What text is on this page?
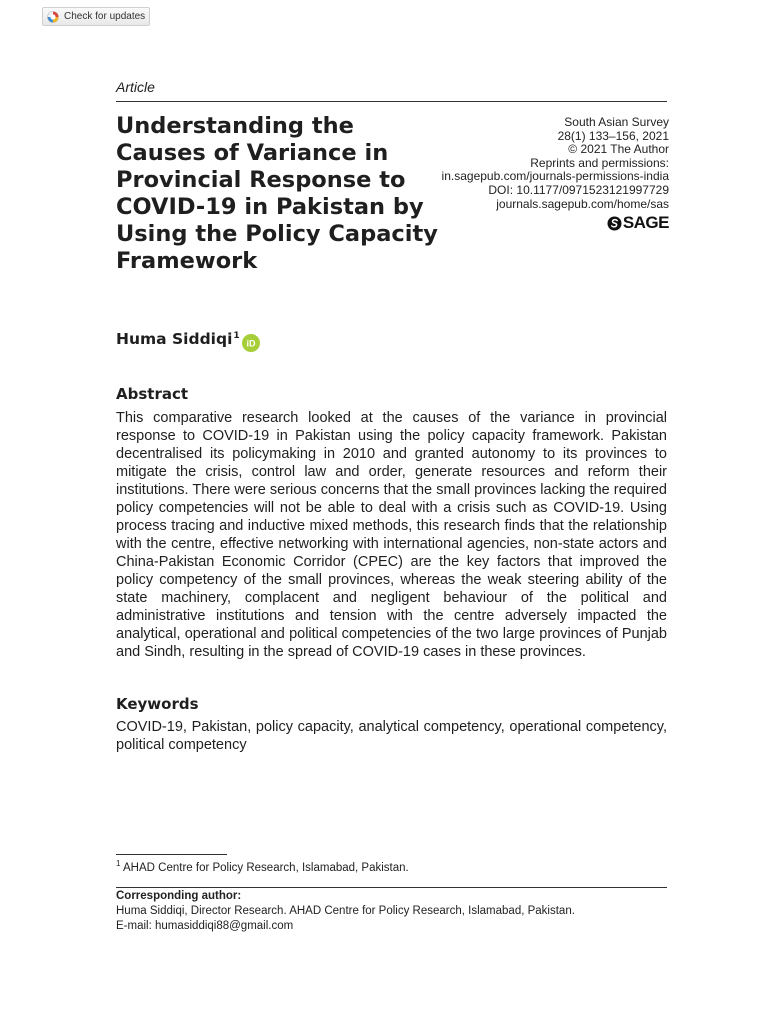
Check for updates
Article
Understanding the Causes of Variance in Provincial Response to COVID-19 in Pakistan by Using the Policy Capacity Framework
South Asian Survey
28(1) 133–156, 2021
© 2021 The Author
Reprints and permissions:
in.sagepub.com/journals-permissions-india
DOI: 10.1177/0971523121997729
journals.sagepub.com/home/sas
SAGE
Huma Siddiqi$^1$
iD
Abstract

This comparative research looked at the causes of the variance in provincial response to COVID-19 in Pakistan using the policy capacity framework. Pakistan decentralised its policymaking in 2010 and granted autonomy to its provinces to mitigate the crisis, control law and order, generate resources and reform their institutions. There were serious concerns that the small provinces lacking the required policy competencies will not be able to deal with a crisis such as COVID-19. Using process tracing and inductive mixed methods, this research finds that the relationship with the centre, effective networking with international agencies, non-state actors and China-Pakistan Economic Corridor (CPEC) are the key factors that improved the policy competency of the small provinces, whereas the weak steering ability of the state machinery, complacent and negligent behaviour of the political and administrative institutions and tension with the centre adversely impacted the analytical, operational and political competencies of the two large provinces of Punjab and Sindh, resulting in the spread of COVID-19 cases in these provinces.

Keywords

COVID-19, Pakistan, policy capacity, analytical competency, operational competency, political competency

$^1$ AHAD Centre for Policy Research, Islamabad, Pakistan.
Corresponding author:
Huma Siddiqi, Director Research. AHAD Centre for Policy Research, Islamabad, Pakistan.
E-mail: humasiddiqi88@gmail.com
